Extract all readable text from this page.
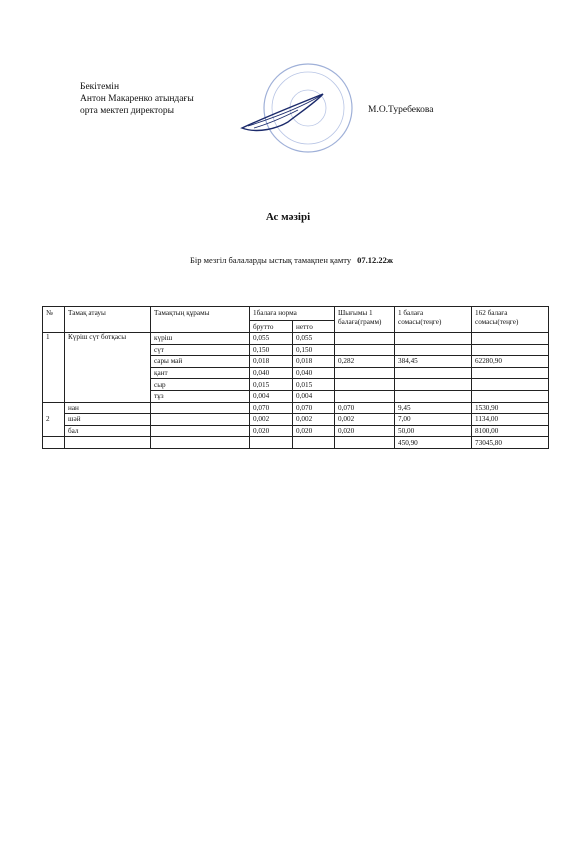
Бекітемін
Антон Макаренко атындағы
орта мектеп директоры	М.О.Туребекова
Ас мәзірі
Бір мезгіл балаларды ыстық тамақпен қамту 07.12.22ж
№	Тамақ атауы	Тамақтың құрамы	1балаға норма		Шығымы 1 балаға(грамм)	1 балаға сомасы(теңге)	162 балаға сомасы(теңге)
			брутто	нетто			
1	Күріш сүт ботқасы	күріш	0,055	0,055			
		сүт	0,150	0,150			
		сары май	0,018	0,018	0,282	384,45	62280,90
		қант	0,040	0,040			
		сыр	0,015	0,015			
		тұз	0,004	0,004			
2	нан		0,070	0,070	0,070	9,45	1530,90
	шәй		0,002	0,002	0,002	7,00	1134,00
	бал		0,020	0,020	0,020	50,00	8100,00
						450,90	73045,80
